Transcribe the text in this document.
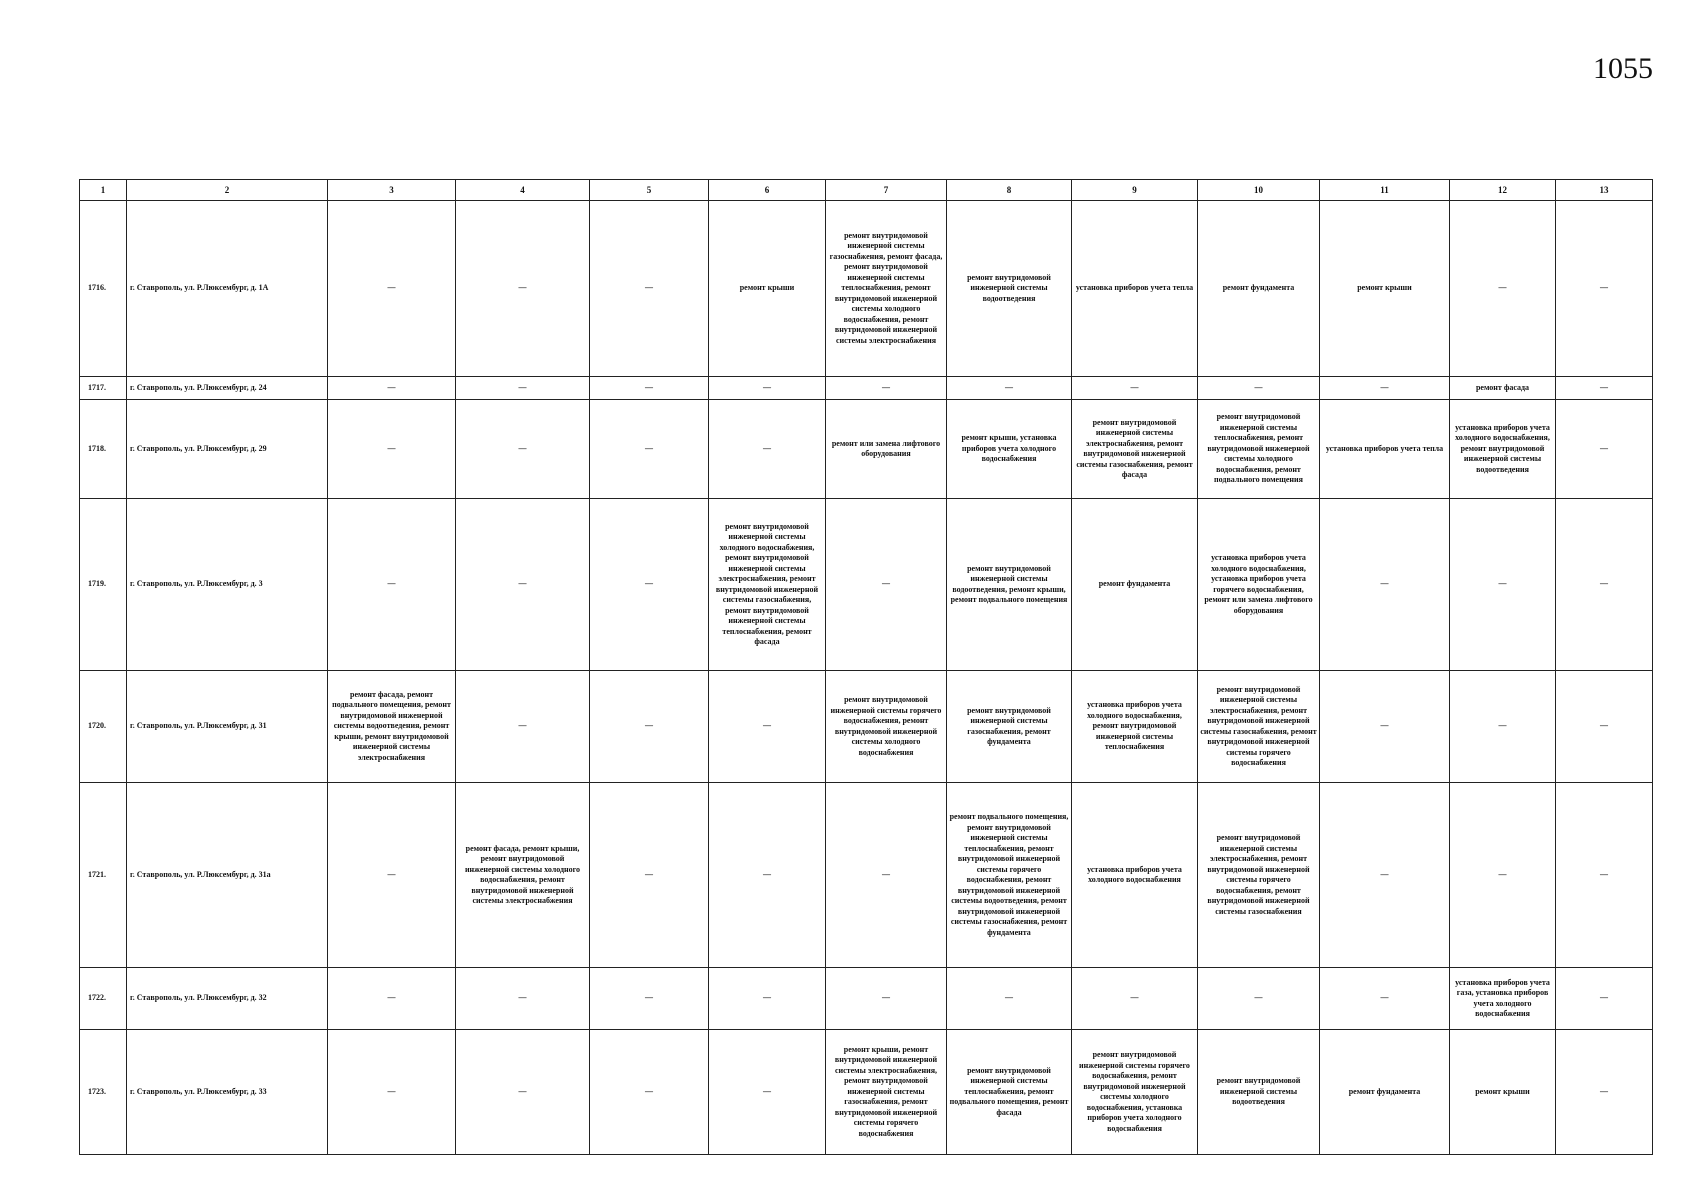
1055
1	2	3	4	5	6	7	8	9	10	11	12	13
1716.	г. Ставрополь, ул. Р.Люксембург, д. 1А	—	—	—	ремонт крыши	ремонт внутридомовой инженерной системы газоснабжения, ремонт фасада, ремонт внутридомовой инженерной системы теплоснабжения, ремонт внутридомовой инженерной системы холодного водоснабжения, ремонт внутридомовой инженерной системы электроснабжения	ремонт внутридомовой инженерной системы водоотведения	установка приборов учета тепла	ремонт фундамента	ремонт крыши	—	—
1717.	г. Ставрополь, ул. Р.Люксембург, д. 24	—	—	—	—	—	—	—	—	—	ремонт фасада	—
1718.	г. Ставрополь, ул. Р.Люксембург, д. 29	—	—	—	—	ремонт или замена лифтового оборудования	ремонт крыши, установка приборов учета холодного водоснабжения	ремонт внутридомовой инженерной системы электроснабжения, ремонт внутридомовой инженерной системы газоснабжения, ремонт фасада	ремонт внутридомовой инженерной системы теплоснабжения, ремонт внутридомовой инженерной системы холодного водоснабжения, ремонт подвального помещения	установка приборов учета тепла	установка приборов учета холодного водоснабжения, ремонт внутридомовой инженерной системы водоотведения	—
1719.	г. Ставрополь, ул. Р.Люксембург, д. 3	—	—	—	ремонт внутридомовой инженерной системы холодного водоснабжения, ремонт внутридомовой инженерной системы электроснабжения, ремонт внутридомовой инженерной системы газоснабжения, ремонт внутридомовой инженерной системы теплоснабжения, ремонт фасада	—	ремонт внутридомовой инженерной системы водоотведения, ремонт крыши, ремонт подвального помещения	ремонт фундамента	установка приборов учета холодного водоснабжения, установка приборов учета горячего водоснабжения, ремонт или замена лифтового оборудования	—	—	—
1720.	г. Ставрополь, ул. Р.Люксембург, д. 31	ремонт фасада, ремонт подвального помещения, ремонт внутридомовой инженерной системы водоотведения, ремонт крыши, ремонт внутридомовой инженерной системы электроснабжения	—	—	—	ремонт внутридомовой инженерной системы горячего водоснабжения, ремонт внутридомовой инженерной системы холодного водоснабжения	ремонт внутридомовой инженерной системы газоснабжения, ремонт фундамента	установка приборов учета холодного водоснабжения, ремонт внутридомовой инженерной системы теплоснабжения	ремонт внутридомовой инженерной системы электроснабжения, ремонт внутридомовой инженерной системы газоснабжения, ремонт внутридомовой инженерной системы горячего водоснабжения	—	—	—
1721.	г. Ставрополь, ул. Р.Люксембург, д. 31а	—	ремонт фасада, ремонт крыши, ремонт внутридомовой инженерной системы холодного водоснабжения, ремонт внутридомовой инженерной системы электроснабжения	—	—	—	ремонт подвального помещения, ремонт внутридомовой инженерной системы теплоснабжения, ремонт внутридомовой инженерной системы горячего водоснабжения, ремонт внутридомовой инженерной системы водоотведения, ремонт внутридомовой инженерной системы газоснабжения, ремонт фундамента	установка приборов учета холодного водоснабжения	ремонт внутридомовой инженерной системы электроснабжения, ремонт внутридомовой инженерной системы горячего водоснабжения, ремонт внутридомовой инженерной системы газоснабжения	—	—	—
1722.	г. Ставрополь, ул. Р.Люксембург, д. 32	—	—	—	—	—	—	—	—	—	установка приборов учета газа, установка приборов учета холодного водоснабжения	—
1723.	г. Ставрополь, ул. Р.Люксембург, д. 33	—	—	—	—	ремонт крыши, ремонт внутридомовой инженерной системы электроснабжения, ремонт внутридомовой инженерной системы газоснабжения, ремонт внутридомовой инженерной системы горячего водоснабжения	ремонт внутридомовой инженерной системы теплоснабжения, ремонт подвального помещения, ремонт фасада	ремонт внутридомовой инженерной системы горячего водоснабжения, ремонт внутридомовой инженерной системы холодного водоснабжения, установка приборов учета холодного водоснабжения	ремонт внутридомовой инженерной системы водоотведения	ремонт фундамента	ремонт крыши	—
